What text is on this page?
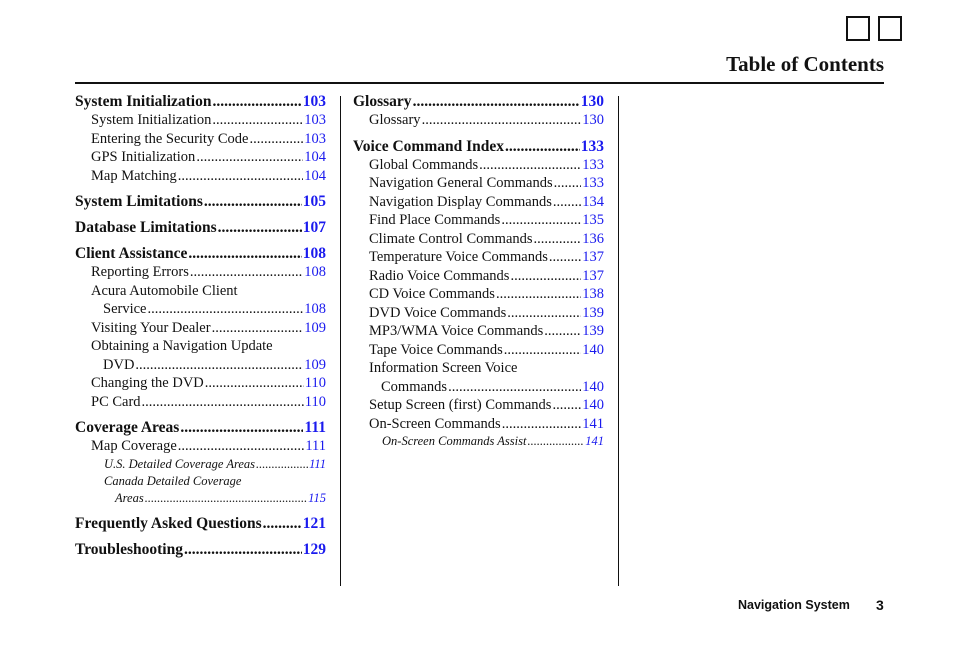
Table of Contents
System Initialization .....	103
System Initialization .....	103
Entering the Security Code .....	103
GPS Initialization .....	104
Map Matching .....	104
System Limitations .....	105
Database Limitations .....	107
Client Assistance .....	108
Reporting Errors .....	108
Acura Automobile Client
Service .....	108
Visiting Your Dealer .....	109
Obtaining a Navigation Update
DVD .....	109
Changing the DVD .....	110
PC Card .....	110
Coverage Areas .....	111
Map Coverage .....	111
U.S. Detailed Coverage Areas .....	111
Canada Detailed Coverage
Areas .....	115
Frequently Asked Questions .....	121
Troubleshooting .....	129
Glossary .....	130
Glossary .....	130
Voice Command Index .....	133
Global Commands .....	133
Navigation General Commands ..... 133
Navigation Display Commands ..... 134
Find Place Commands .....	135
Climate Control Commands .....	136
Temperature Voice Commands ..... 137
Radio Voice Commands .....	137
CD Voice Commands .....	138
DVD Voice Commands .....	139
MP3/WMA Voice Commands .....	139
Tape Voice Commands .....	140
Information Screen Voice
Commands .....	140
Setup Screen (first) Commands ..... 140
On-Screen Commands .....	141
On-Screen Commands Assist .....	141
Navigation System 3
